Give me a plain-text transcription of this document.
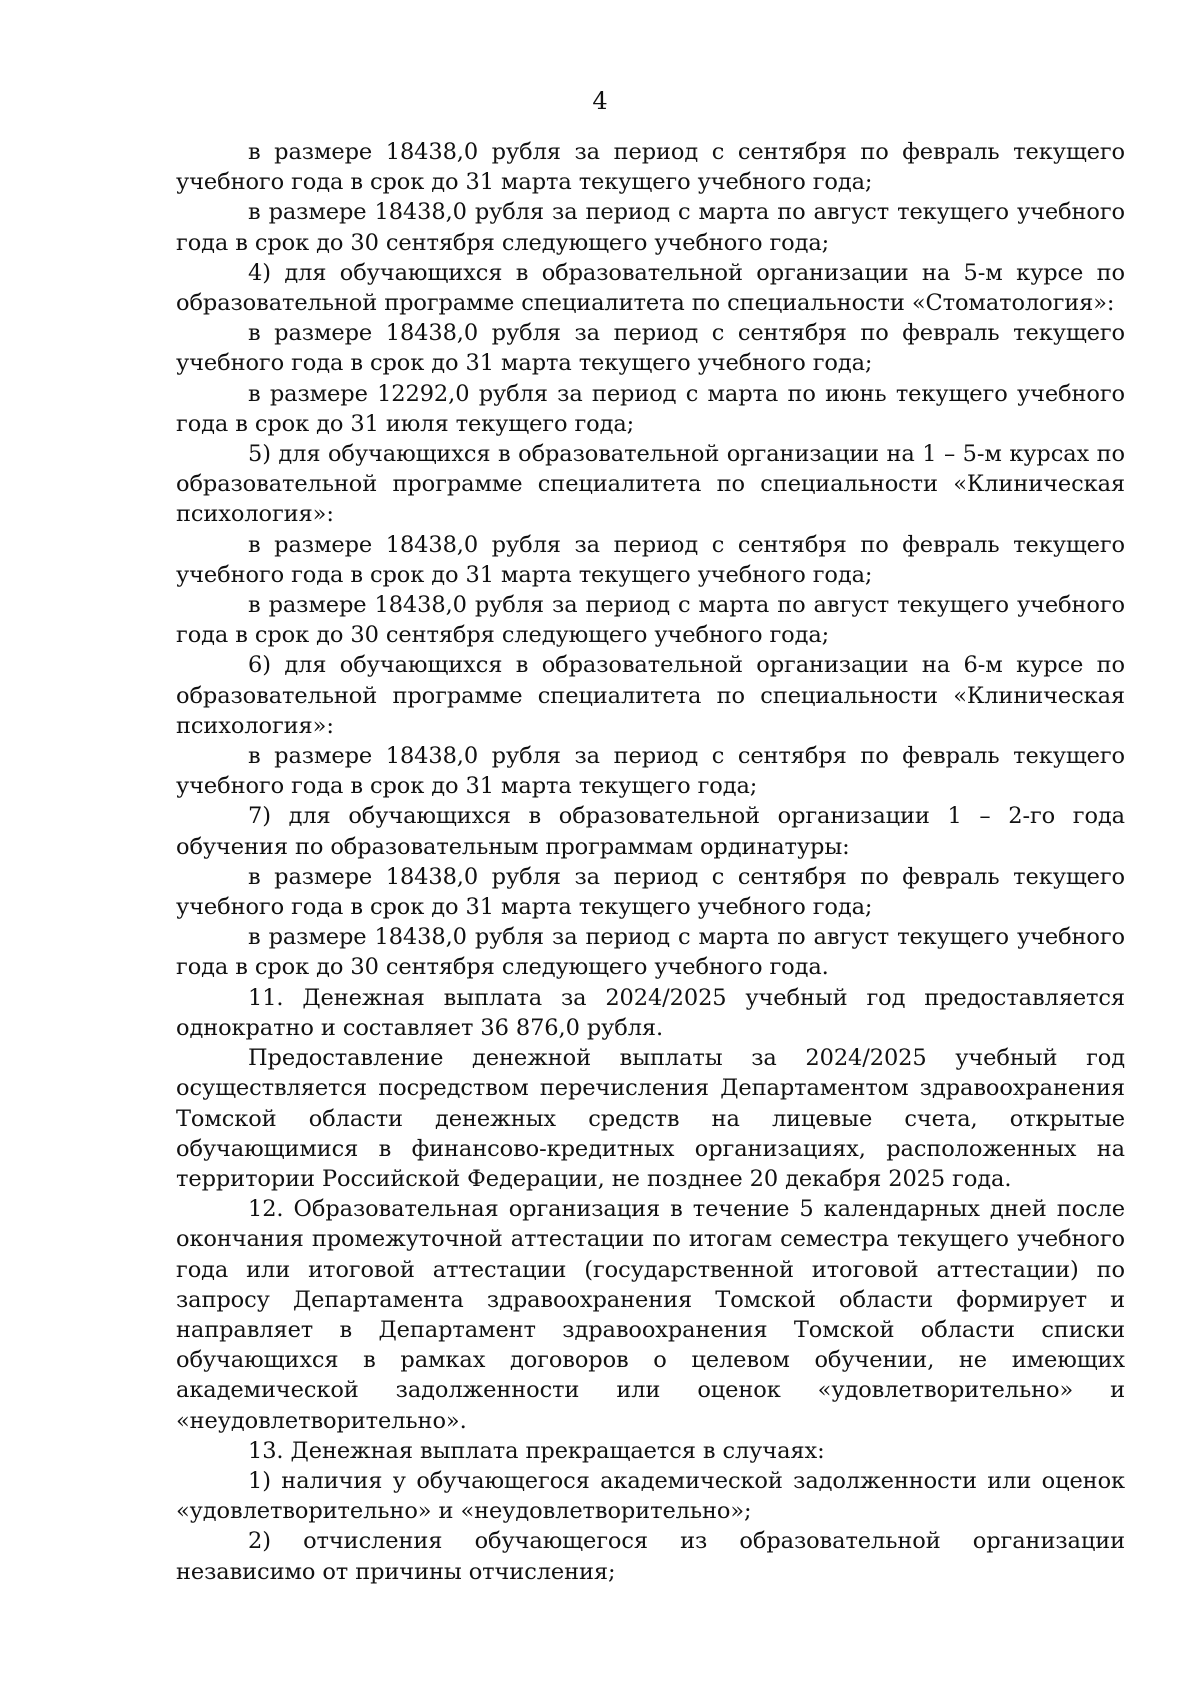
4

в размере 18438,0 рубля за период с сентября по февраль текущего учебного года в срок до 31 марта текущего учебного года;

в размере 18438,0 рубля за период с марта по август текущего учебного года в срок до 30 сентября следующего учебного года;

4) для обучающихся в образовательной организации на 5-м курсе по образовательной программе специалитета по специальности «Стоматология»:

в размере 18438,0 рубля за период с сентября по февраль текущего учебного года в срок до 31 марта текущего учебного года;

в размере 12292,0 рубля за период с марта по июнь текущего учебного года в срок до 31 июля текущего года;

5) для обучающихся в образовательной организации на 1 – 5-м курсах по образовательной программе специалитета по специальности «Клиническая психология»:

в размере 18438,0 рубля за период с сентября по февраль текущего учебного года в срок до 31 марта текущего учебного года;

в размере 18438,0 рубля за период с марта по август текущего учебного года в срок до 30 сентября следующего учебного года;

6) для обучающихся в образовательной организации на 6-м курсе по образовательной программе специалитета по специальности «Клиническая психология»:

в размере 18438,0 рубля за период с сентября по февраль текущего учебного года в срок до 31 марта текущего года;

7) для обучающихся в образовательной организации 1 – 2-го года обучения по образовательным программам ординатуры:

в размере 18438,0 рубля за период с сентября по февраль текущего учебного года в срок до 31 марта текущего учебного года;

в размере 18438,0 рубля за период с марта по август текущего учебного года в срок до 30 сентября следующего учебного года.

11. Денежная выплата за 2024/2025 учебный год предоставляется однократно и составляет 36 876,0 рубля.

Предоставление денежной выплаты за 2024/2025 учебный год осуществляется посредством перечисления Департаментом здравоохранения Томской области денежных средств на лицевые счета, открытые обучающимися в финансово-кредитных организациях, расположенных на территории Российской Федерации, не позднее 20 декабря 2025 года.

12. Образовательная организация в течение 5 календарных дней после окончания промежуточной аттестации по итогам семестра текущего учебного года или итоговой аттестации (государственной итоговой аттестации) по запросу Департамента здравоохранения Томской области формирует и направляет в Департамент здравоохранения Томской области списки обучающихся в рамках договоров о целевом обучении, не имеющих академической задолженности или оценок «удовлетворительно» и «неудовлетворительно».

13. Денежная выплата прекращается в случаях:

1) наличия у обучающегося академической задолженности или оценок «удовлетворительно» и «неудовлетворительно»;

2) отчисления обучающегося из образовательной организации независимо от причины отчисления;
